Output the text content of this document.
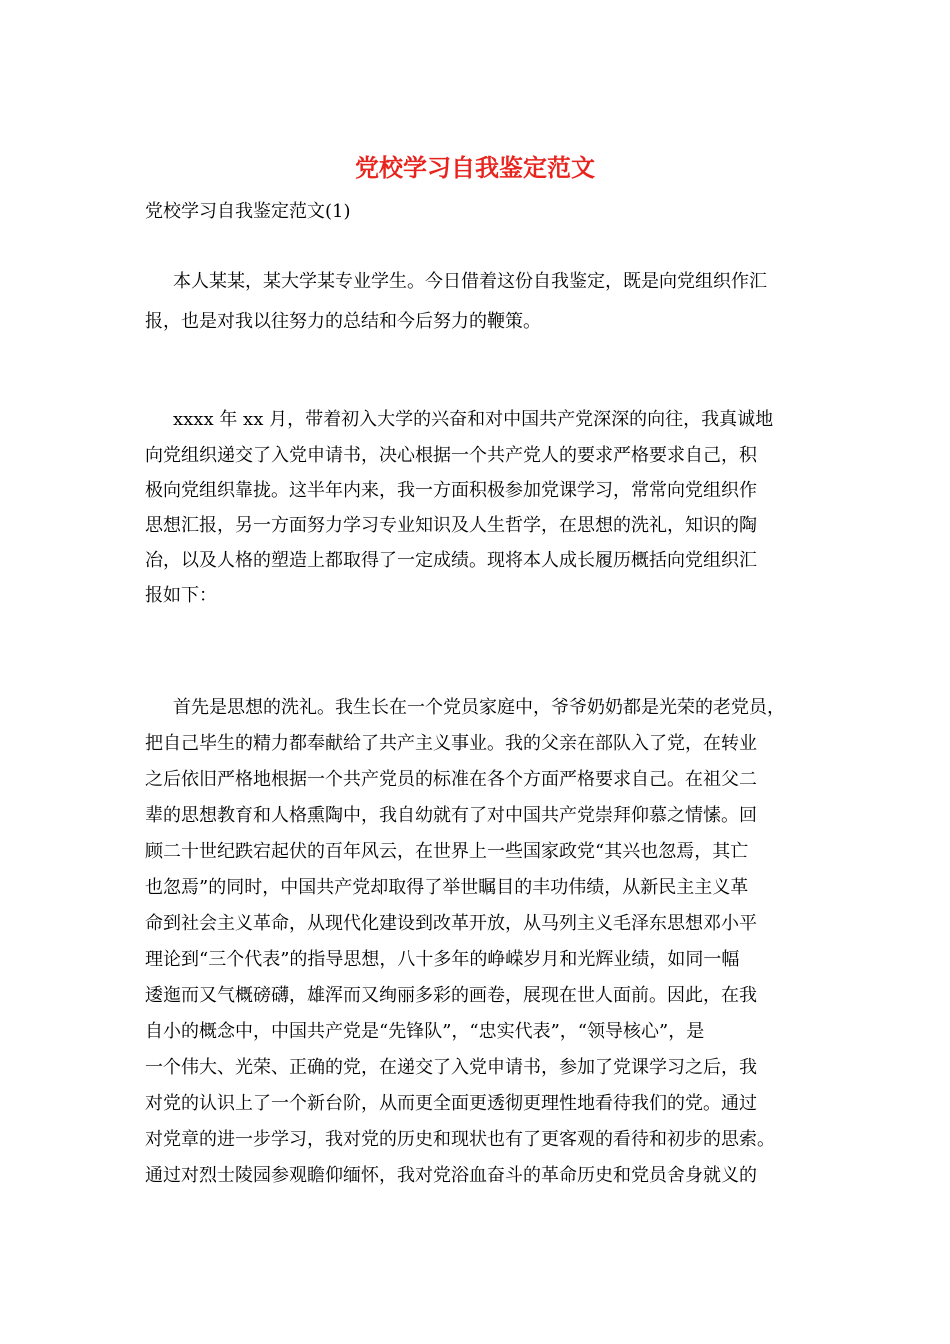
党校学习自我鉴定范文

党校学习自我鉴定范文(1)

本人某某，某大学某专业学生。今日借着这份自我鉴定，既是向党组织作汇

报，也是对我以往努力的总结和今后努力的鞭策。

xxxx 年 xx 月，带着初入大学的兴奋和对中国共产党深深的向往，我真诚地

向党组织递交了入党申请书，决心根据一个共产党人的要求严格要求自己，积

极向党组织靠拢。这半年内来，我一方面积极参加党课学习，常常向党组织作

思想汇报，另一方面努力学习专业知识及人生哲学，在思想的洗礼，知识的陶

冶，以及人格的塑造上都取得了一定成绩。现将本人成长履历概括向党组织汇

报如下：

首先是思想的洗礼。我生长在一个党员家庭中，爷爷奶奶都是光荣的老党员，

把自己毕生的精力都奉献给了共产主义事业。我的父亲在部队入了党，在转业

之后依旧严格地根据一个共产党员的标准在各个方面严格要求自己。在祖父二

辈的思想教育和人格熏陶中，我自幼就有了对中国共产党崇拜仰慕之情愫。回

顾二十世纪跌宕起伏的百年风云，在世界上一些国家政党“其兴也忽焉，其亡

也忽焉”的同时，中国共产党却取得了举世瞩目的丰功伟绩，从新民主主义革

命到社会主义革命，从现代化建设到改革开放，从马列主义毛泽东思想邓小平

理论到“三个代表”的指导思想，八十多年的峥嵘岁月和光辉业绩，如同一幅

逶迤而又气概磅礴，雄浑而又绚丽多彩的画卷，展现在世人面前。因此，在我

自小的概念中，中国共产党是“先锋队”，“忠实代表”，“领导核心”，是

一个伟大、光荣、正确的党，在递交了入党申请书，参加了党课学习之后，我

对党的认识上了一个新台阶，从而更全面更透彻更理性地看待我们的党。通过

对党章的进一步学习，我对党的历史和现状也有了更客观的看待和初步的思索。

通过对烈士陵园参观瞻仰缅怀，我对党浴血奋斗的革命历史和党员舍身就义的
